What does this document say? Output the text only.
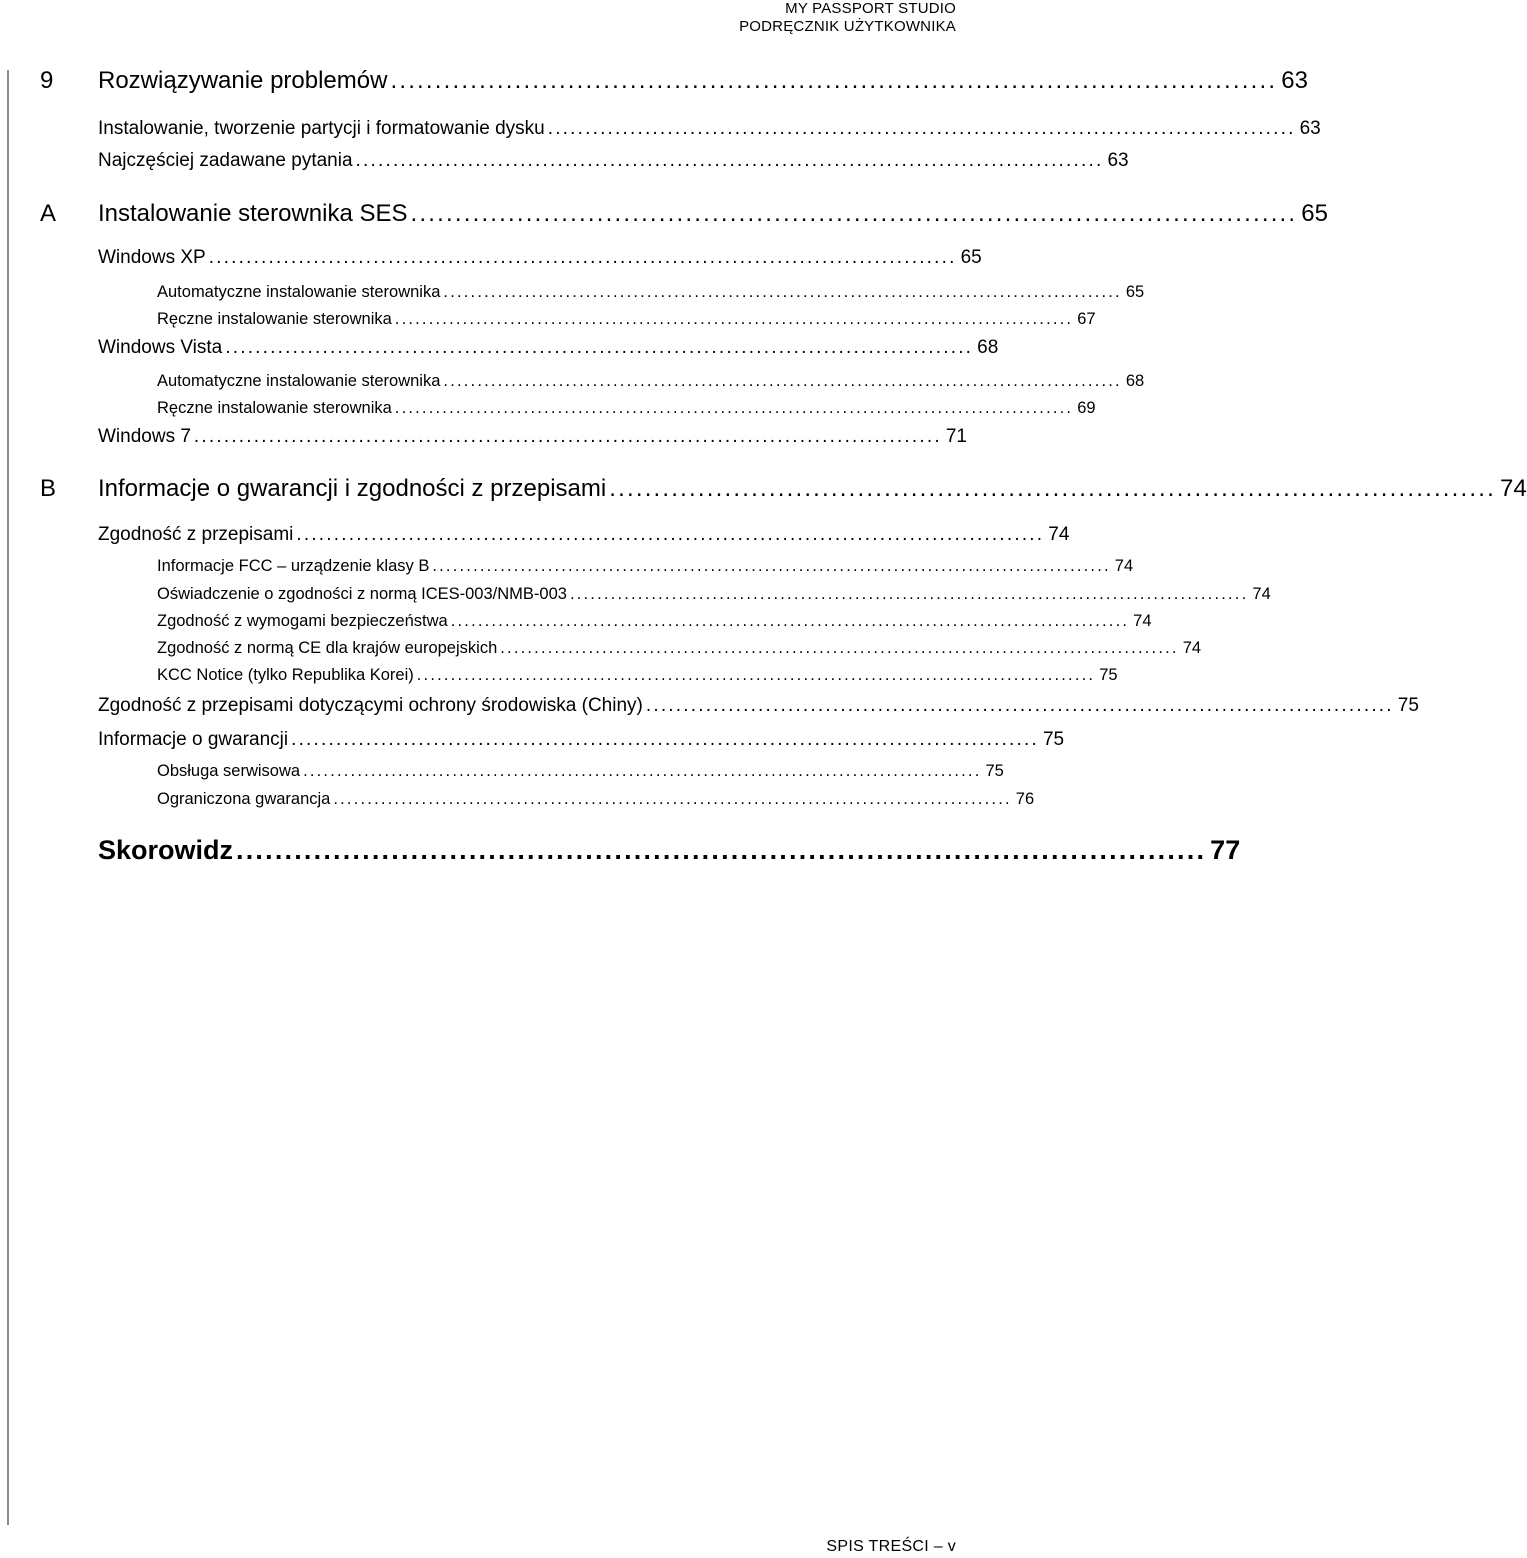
MY PASSPORT STUDIO
PODRĘCZNIK UŻYTKOWNIKA
9 Rozwiązywanie problemów .................................................................................................... 63
Instalowanie, tworzenie partycji i formatowanie dysku .................................................................................................... 63
Najczęściej zadawane pytania .................................................................................................... 63
A Instalowanie sterownika SES .................................................................................................... 65
Windows XP .................................................................................................... 65
Automatyczne instalowanie sterownika .................................................................................................... 65
Ręczne instalowanie sterownika .................................................................................................... 67
Windows Vista .................................................................................................... 68
Automatyczne instalowanie sterownika .................................................................................................... 68
Ręczne instalowanie sterownika .................................................................................................... 69
Windows 7 .................................................................................................... 71
B Informacje o gwarancji i zgodności z przepisami .................................................................................................... 74
Zgodność z przepisami .................................................................................................... 74
Informacje FCC – urządzenie klasy B .................................................................................................... 74
Oświadczenie o zgodności z normą ICES-003/NMB-003 .................................................................................................... 74
Zgodność z wymogami bezpieczeństwa .................................................................................................... 74
Zgodność z normą CE dla krajów europejskich .................................................................................................... 74
KCC Notice (tylko Republika Korei) .................................................................................................... 75
Zgodność z przepisami dotyczącymi ochrony środowiska (Chiny) .................................................................................................... 75
Informacje o gwarancji .................................................................................................... 75
Obsługa serwisowa .................................................................................................... 75
Ograniczona gwarancja .................................................................................................... 76
Skorowidz .................................................................................................... 77
SPIS TREŚCI – v
